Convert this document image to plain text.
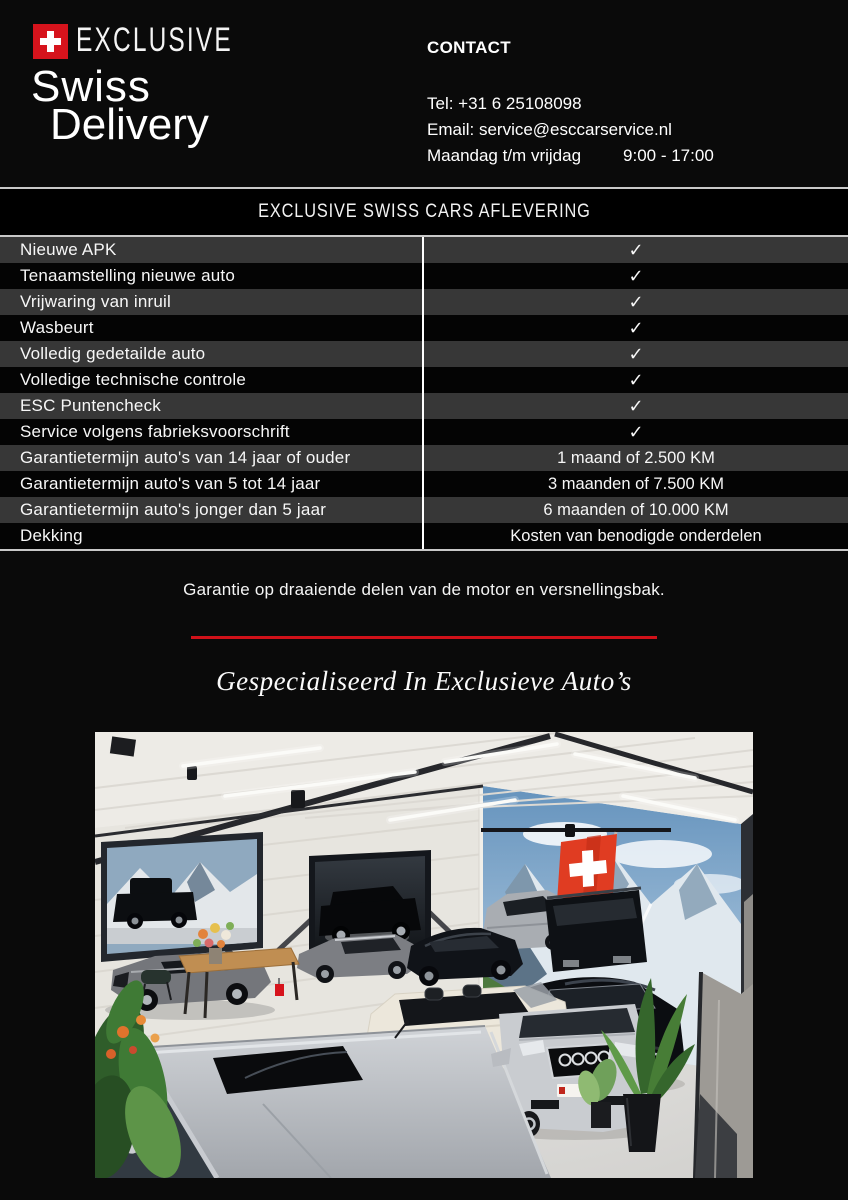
EXCLUSIVE
Swiss
Delivery
CONTACT
Tel: +31 6 25108098
Email: service@esccarservice.nl
Maandag t/m vrijdag 9:00 - 17:00
EXCLUSIVE SWISS CARS AFLEVERING
Nieuwe APK	✓
Tenaamstelling nieuwe auto	✓
Vrijwaring van inruil	✓
Wasbeurt	✓
Volledig gedetailde auto	✓
Volledige technische controle	✓
ESC Puntencheck	✓
Service volgens fabrieksvoorschrift	✓
Garantietermijn auto's van 14 jaar of ouder	1 maand of 2.500 KM
Garantietermijn auto's van 5 tot 14 jaar	3 maanden of 7.500 KM
Garantietermijn auto's jonger dan 5 jaar	6 maanden of 10.000 KM
Dekking	Kosten van benodigde onderdelen
Garantie op draaiende delen van de motor en versnellingsbak.
Gespecialiseerd In Exclusieve Auto’s
